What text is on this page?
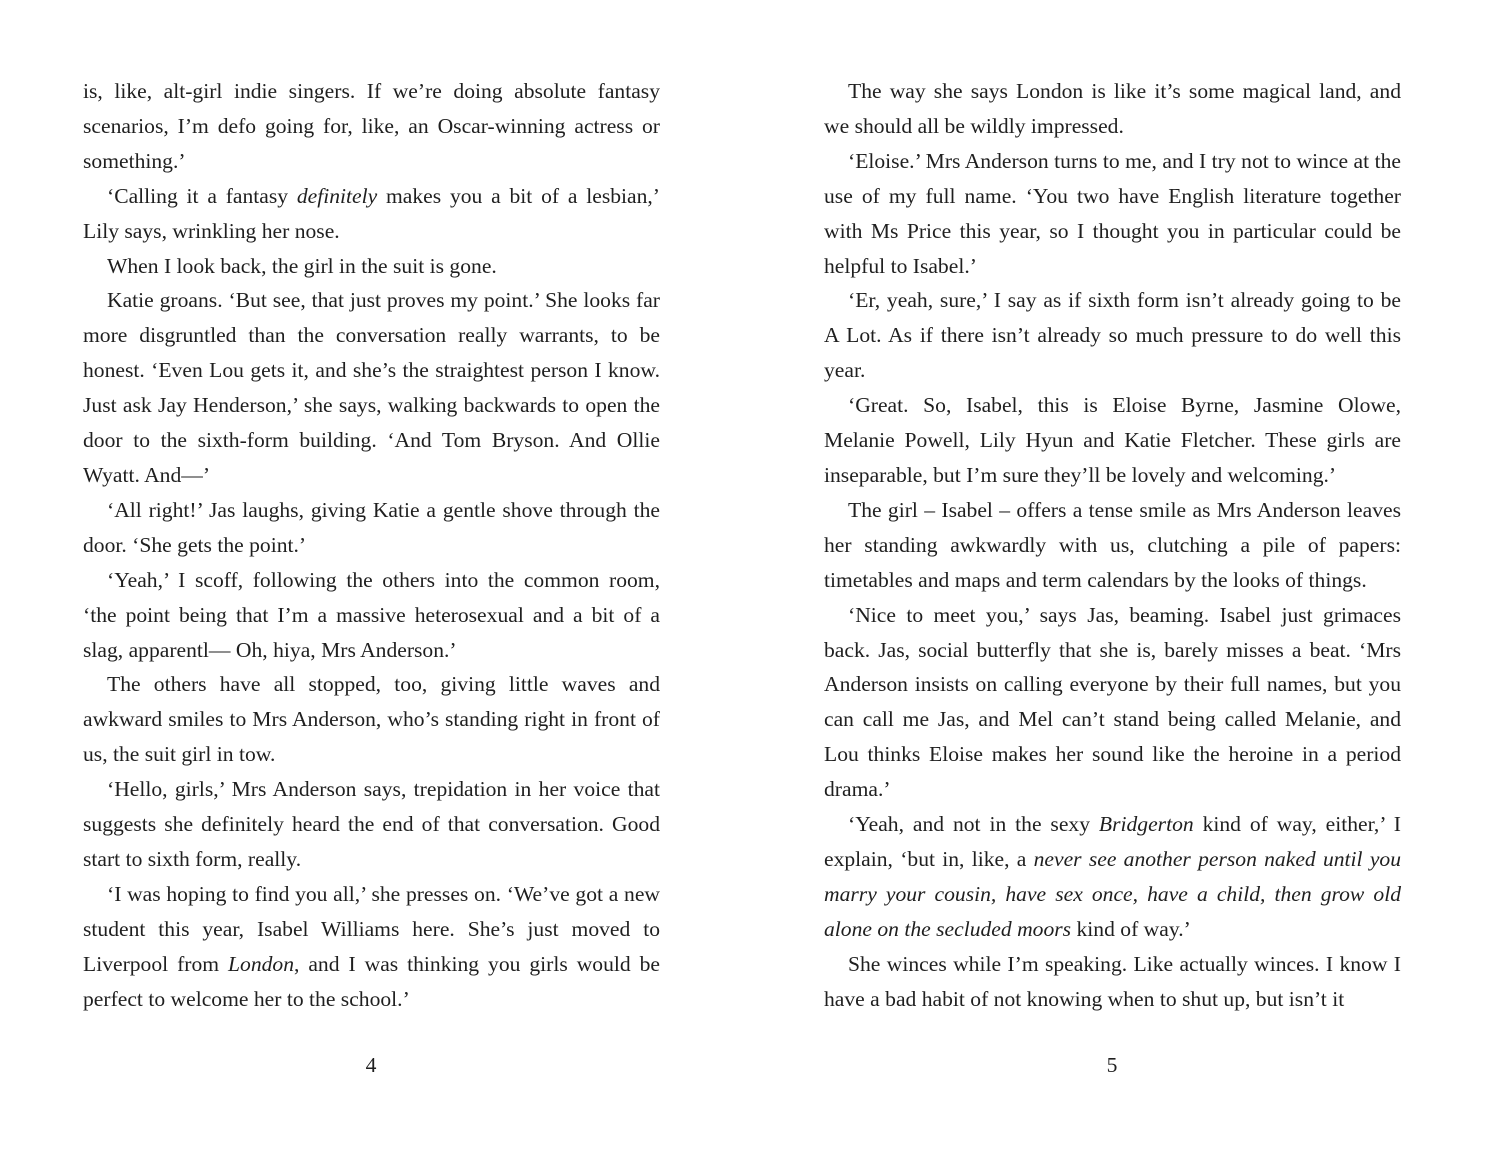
is, like, alt-girl indie singers. If we’re doing absolute fantasy scenarios, I’m defo going for, like, an Oscar-winning actress or something.’

‘Calling it a fantasy definitely makes you a bit of a lesbian,’ Lily says, wrinkling her nose.

When I look back, the girl in the suit is gone.

Katie groans. ‘But see, that just proves my point.’ She looks far more disgruntled than the conversation really warrants, to be honest. ‘Even Lou gets it, and she’s the straightest person I know. Just ask Jay Henderson,’ she says, walking backwards to open the door to the sixth-form building. ‘And Tom Bryson. And Ollie Wyatt. And—’

‘All right!’ Jas laughs, giving Katie a gentle shove through the door. ‘She gets the point.’

‘Yeah,’ I scoff, following the others into the common room, ‘the point being that I’m a massive heterosexual and a bit of a slag, apparentl— Oh, hiya, Mrs Anderson.’

The others have all stopped, too, giving little waves and awkward smiles to Mrs Anderson, who’s standing right in front of us, the suit girl in tow.

‘Hello, girls,’ Mrs Anderson says, trepidation in her voice that suggests she definitely heard the end of that conversation. Good start to sixth form, really.

‘I was hoping to find you all,’ she presses on. ‘We’ve got a new student this year, Isabel Williams here. She’s just moved to Liverpool from London, and I was thinking you girls would be perfect to welcome her to the school.’

4

The way she says London is like it’s some magical land, and we should all be wildly impressed.

‘Eloise.’ Mrs Anderson turns to me, and I try not to wince at the use of my full name. ‘You two have English literature together with Ms Price this year, so I thought you in particular could be helpful to Isabel.’

‘Er, yeah, sure,’ I say as if sixth form isn’t already going to be A Lot. As if there isn’t already so much pressure to do well this year.

‘Great. So, Isabel, this is Eloise Byrne, Jasmine Olowe, Melanie Powell, Lily Hyun and Katie Fletcher. These girls are inseparable, but I’m sure they’ll be lovely and welcoming.’

The girl – Isabel – offers a tense smile as Mrs Anderson leaves her standing awkwardly with us, clutching a pile of papers: timetables and maps and term calendars by the looks of things.

‘Nice to meet you,’ says Jas, beaming. Isabel just grimaces back. Jas, social butterfly that she is, barely misses a beat. ‘Mrs Anderson insists on calling everyone by their full names, but you can call me Jas, and Mel can’t stand being called Melanie, and Lou thinks Eloise makes her sound like the heroine in a period drama.’

‘Yeah, and not in the sexy Bridgerton kind of way, either,’ I explain, ‘but in, like, a never see another person naked until you marry your cousin, have sex once, have a child, then grow old alone on the secluded moors kind of way.’

She winces while I’m speaking. Like actually winces. I know I have a bad habit of not knowing when to shut up, but isn’t it

5
